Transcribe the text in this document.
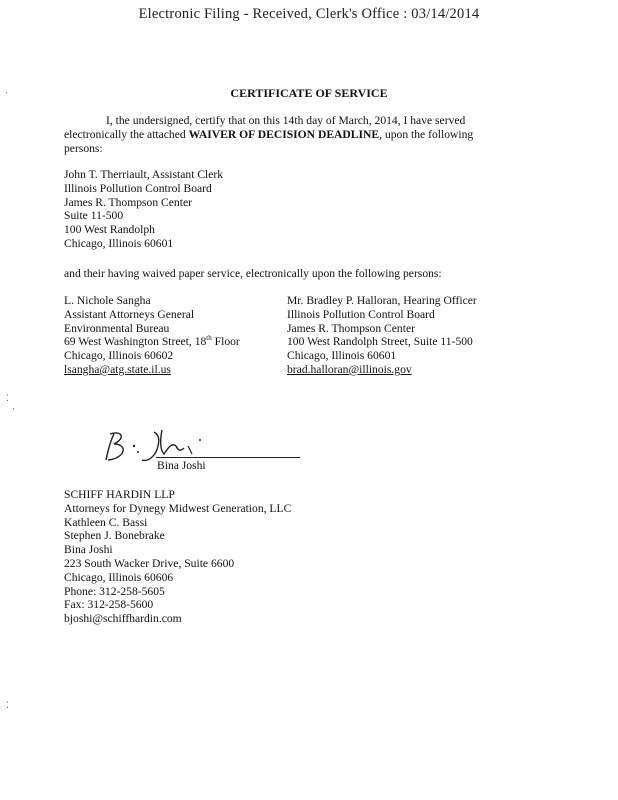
Electronic Filing - Received, Clerk's Office : 03/14/2014
CERTIFICATE OF SERVICE
I, the undersigned, certify that on this 14th day of March, 2014, I have served electronically the attached WAIVER OF DECISION DEADLINE, upon the following persons:
John T. Therriault, Assistant Clerk
Illinois Pollution Control Board
James R. Thompson Center
Suite 11-500
100 West Randolph
Chicago, Illinois 60601
and their having waived paper service, electronically upon the following persons:
L. Nichole Sangha
Assistant Attorneys General
Environmental Bureau
69 West Washington Street, 18th Floor
Chicago, Illinois 60602
lsangha@atg.state.il.us
Mr. Bradley P. Halloran, Hearing Officer
Illinois Pollution Control Board
James R. Thompson Center
100 West Randolph Street, Suite 11-500
Chicago, Illinois 60601
brad.halloran@illinois.gov
Bina Joshi
SCHIFF HARDIN LLP
Attorneys for Dynegy Midwest Generation, LLC
Kathleen C. Bassi
Stephen J. Bonebrake
Bina Joshi
223 South Wacker Drive, Suite 6600
Chicago, Illinois 60606
Phone: 312-258-5605
Fax: 312-258-5600
bjoshi@schiffhardin.com
·
⁚
·
⁚
